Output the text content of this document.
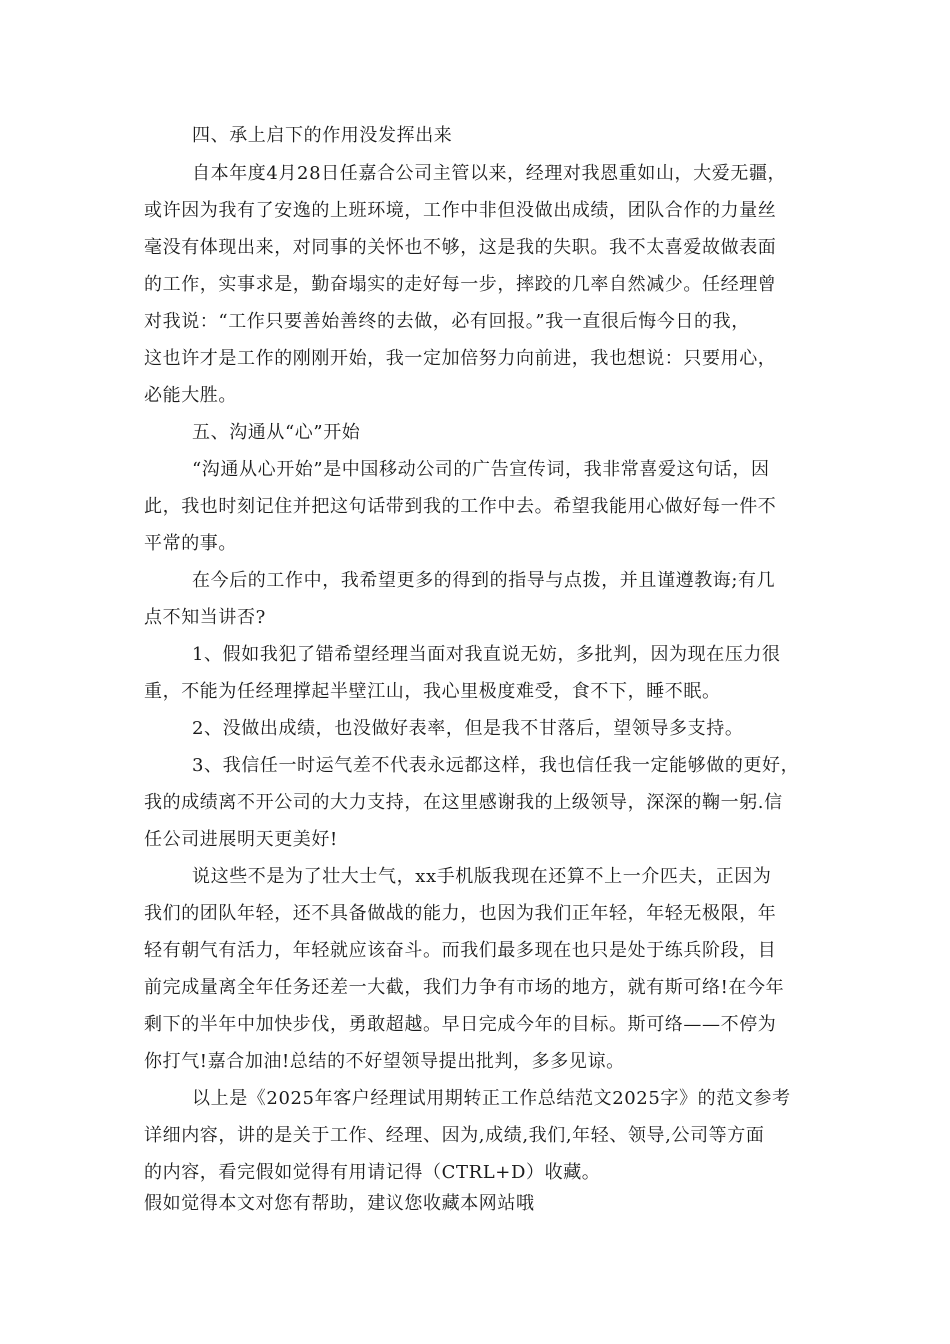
四、承上启下的作用没发挥出来
自本年度4月28日任嘉合公司主管以来，经理对我恩重如山，大爱无疆，
或许因为我有了安逸的上班环境，工作中非但没做出成绩，团队合作的力量丝
毫没有体现出来，对同事的关怀也不够，这是我的失职。我不太喜爱故做表面
的工作，实事求是，勤奋塌实的走好每一步，摔跤的几率自然减少。任经理曾
对我说：“工作只要善始善终的去做，必有回报。”我一直很后悔今日的我，
这也许才是工作的刚刚开始，我一定加倍努力向前进，我也想说：只要用心，
必能大胜。
五、沟通从“心”开始
“沟通从心开始”是中国移动公司的广告宣传词，我非常喜爱这句话，因
此，我也时刻记住并把这句话带到我的工作中去。希望我能用心做好每一件不
平常的事。
在今后的工作中，我希望更多的得到的指导与点拨，并且谨遵教诲;有几
点不知当讲否?
1、假如我犯了错希望经理当面对我直说无妨，多批判，因为现在压力很
重，不能为任经理撑起半壁江山，我心里极度难受，食不下，睡不眠。
2、没做出成绩，也没做好表率，但是我不甘落后，望领导多支持。
3、我信任一时运气差不代表永远都这样，我也信任我一定能够做的更好，
我的成绩离不开公司的大力支持，在这里感谢我的上级领导，深深的鞠一躬.信
任公司进展明天更美好!
说这些不是为了壮大士气，xx手机版我现在还算不上一介匹夫，正因为
我们的团队年轻，还不具备做战的能力，也因为我们正年轻，年轻无极限，年
轻有朝气有活力，年轻就应该奋斗。而我们最多现在也只是处于练兵阶段，目
前完成量离全年任务还差一大截，我们力争有市场的地方，就有斯可络!在今年
剩下的半年中加快步伐，勇敢超越。早日完成今年的目标。斯可络——不停为
你打气!嘉合加油!总结的不好望领导提出批判，多多见谅。
以上是《2025年客户经理试用期转正工作总结范文2025字》的范文参考
详细内容，讲的是关于工作、经理、因为,成绩,我们,年轻、领导,公司等方面
的内容，看完假如觉得有用请记得（CTRL+D）收藏。
假如觉得本文对您有帮助，建议您收藏本网站哦
